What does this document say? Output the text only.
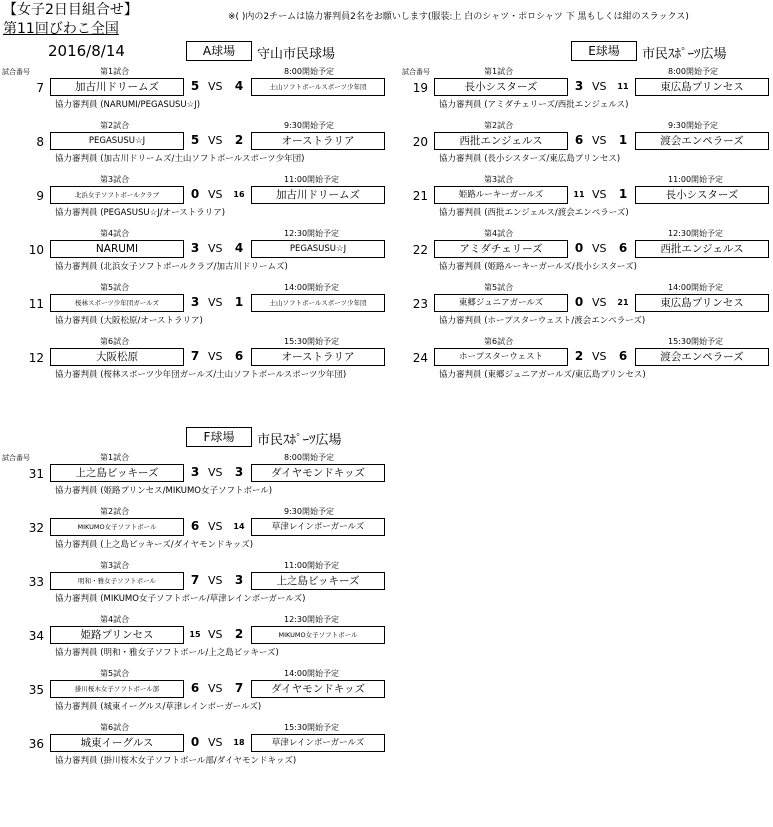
【女子2日目組合せ】
第11回びわこ全国
※( )内の2チームは協力審判員2名をお願いします(服装:上 白のシャツ・ポロシャツ 下 黒もしくは紺のスラックス)
2016/8/14	A球場	守山市民球場
試合番号	第1試合	8:00開始予定
7	加古川ドリームズ	5 VS 4	土山ソフトボールスポーツ少年団
協力審判員 (NARUMI/PEGASUSU☆J)
第2試合	9:30開始予定
8	PEGASUSU☆J	5 VS 2	オーストラリア
協力審判員 (加古川ドリームズ/土山ソフトボールスポーツ少年団)
第3試合	11:00開始予定
9	北浜女子ソフトボールクラブ	0 VS 16	加古川ドリームズ
協力審判員 (PEGASUSU☆J/オーストラリア)
第4試合	12:30開始予定
10	NARUMI	3 VS 4	PEGASUSU☆J
協力審判員 (北浜女子ソフトボールクラブ/加古川ドリームズ)
第5試合	14:00開始予定
11	桜林スポーツ少年団ガールズ	3 VS 1	土山ソフトボールスポーツ少年団
協力審判員 (大阪松原/オーストラリア)
第6試合	15:30開始予定
12	大阪松原	7 VS 6	オーストラリア
協力審判員 (桜林スポーツ少年団ガールズ/土山ソフトボールスポーツ少年団)
E球場	市民ｽﾎﾟｰﾂ広場
試合番号	第1試合	8:00開始予定
19	長小シスターズ	3 VS 11	東広島プリンセス
協力審判員 (アミダチェリーズ/西批エンジェルス)
第2試合	9:30開始予定
20	西批エンジェルス	6 VS 1	渡会エンペラーズ
協力審判員 (長小シスターズ/東広島プリンセス)
第3試合	11:00開始予定
21	姫路ルーキーガールズ	11 VS 1	長小シスターズ
協力審判員 (西批エンジェルス/渡会エンペラーズ)
第4試合	12:30開始予定
22	アミダチェリーズ	0 VS 6	西批エンジェルス
協力審判員 (姫路ルーキーガールズ/長小シスターズ)
第5試合	14:00開始予定
23	東郷ジュニアガールズ	0 VS 21	東広島プリンセス
協力審判員 (ホープスターウェスト/渡会エンペラーズ)
第6試合	15:30開始予定
24	ホープスターウェスト	2 VS 6	渡会エンペラーズ
協力審判員 (東郷ジュニアガールズ/東広島プリンセス)
F球場	市民ｽﾎﾟｰﾂ広場
試合番号	第1試合	8:00開始予定
31	上之島ビッキーズ	3 VS 3	ダイヤモンドキッズ
協力審判員 (姫路プリンセス/MIKUMO女子ソフトボール)
第2試合	9:30開始予定
32	MIKUMO女子ソフトボール	6 VS 14	草津レインボーガールズ
協力審判員 (上之島ビッキーズ/ダイヤモンドキッズ)
第3試合	11:00開始予定
33	明和・雅女子ソフトボール	7 VS 3	上之島ビッキーズ
協力審判員 (MIKUMO女子ソフトボール/草津レインボーガールズ)
第4試合	12:30開始予定
34	姫路プリンセス	15 VS 2	MIKUMO女子ソフトボール
協力審判員 (明和・雅女子ソフトボール/上之島ビッキーズ)
第5試合	14:00開始予定
35	掛川桜木女子ソフトボール部	6 VS 7	ダイヤモンドキッズ
協力審判員 (城東イーグルス/草津レインボーガールズ)
第6試合	15:30開始予定
36	城東イーグルス	0 VS 18	草津レインボーガールズ
協力審判員 (掛川桜木女子ソフトボール部/ダイヤモンドキッズ)
